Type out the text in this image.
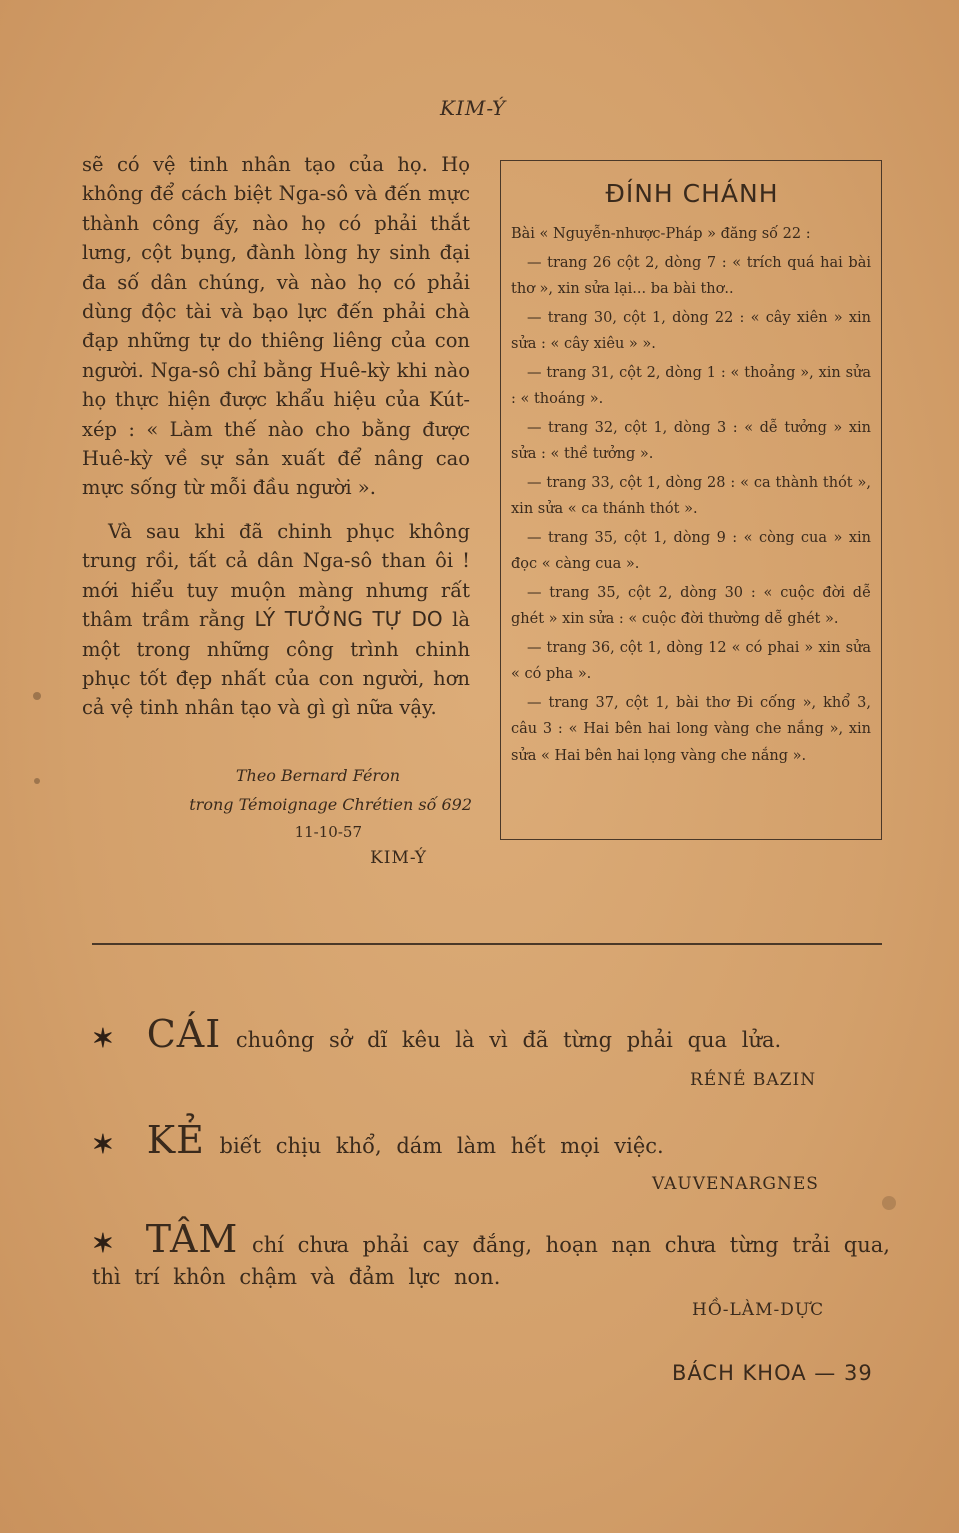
KIM-Ý

sẽ có vệ tinh nhân tạo của họ. Họ không để cách biệt Nga-sô và đến mực thành công ấy, nào họ có phải thắt lưng, cột bụng, đành lòng hy sinh đại đa số dân chúng, và nào họ có phải dùng độc tài và bạo lực đến phải chà đạp những tự do thiêng liêng của con người. Nga-sô chỉ bằng Huê-kỳ khi nào họ thực hiện được khẩu hiệu của Kút-xép : « Làm thế nào cho bằng được Huê-kỳ về sự sản xuất để nâng cao mực sống từ mỗi đầu người ».

Và sau khi đã chinh phục không trung rồi, tất cả dân Nga-sô than ôi ! mới hiểu tuy muộn màng nhưng rất thâm trầm rằng LÝ TƯỞNG TỰ DO là một trong những công trình chinh phục tốt đẹp nhất của con người, hơn cả vệ tinh nhân tạo và gì gì nữa vậy.

Theo Bernard Féron
trong Témoignage Chrétien số 692
11-10-57
KIM-Ý
ĐÍNH CHÁNH

Bài « Nguyễn-nhược-Pháp » đăng số 22 :

— trang 26 cột 2, dòng 7 : « trích quá hai bài thơ », xin sửa lại... ba bài thơ..

— trang 30, cột 1, dòng 22 : « cây xiên » xin sửa : « cây xiêu » ».

— trang 31, cột 2, dòng 1 : « thoảng », xin sửa : « thoáng ».

— trang 32, cột 1, dòng 3 : « dễ tưởng » xin sửa : « thề tưởng ».

— trang 33, cột 1, dòng 28 : « ca thành thót », xin sửa « ca thánh thót ».

— trang 35, cột 1, dòng 9 : « còng cua » xin đọc « càng cua ».

— trang 35, cột 2, dòng 30 : « cuộc đời dễ ghét » xin sửa : « cuộc đời thường dễ ghét ».

— trang 36, cột 1, dòng 12 « có phai » xin sửa « có pha ».

— trang 37, cột 1, bài thơ Đi cống », khổ 3, câu 3 : « Hai bên hai long vàng che nắng », xin sửa « Hai bên hai lọng vàng che nắng ».

✶ CÁI chuông sở dĩ kêu là vì đã từng phải qua lửa.
RÉNÉ BAZIN
✶ KẺ biết chịu khổ, dám làm hết mọi việc.
VAUVENARGNES
✶ TÂM chí chưa phải cay đắng, hoạn nạn chưa từng trải qua,
thì trí khôn chậm và đảm lực non.
HỒ-LÀM-DỰC
BÁCH KHOA — 39
